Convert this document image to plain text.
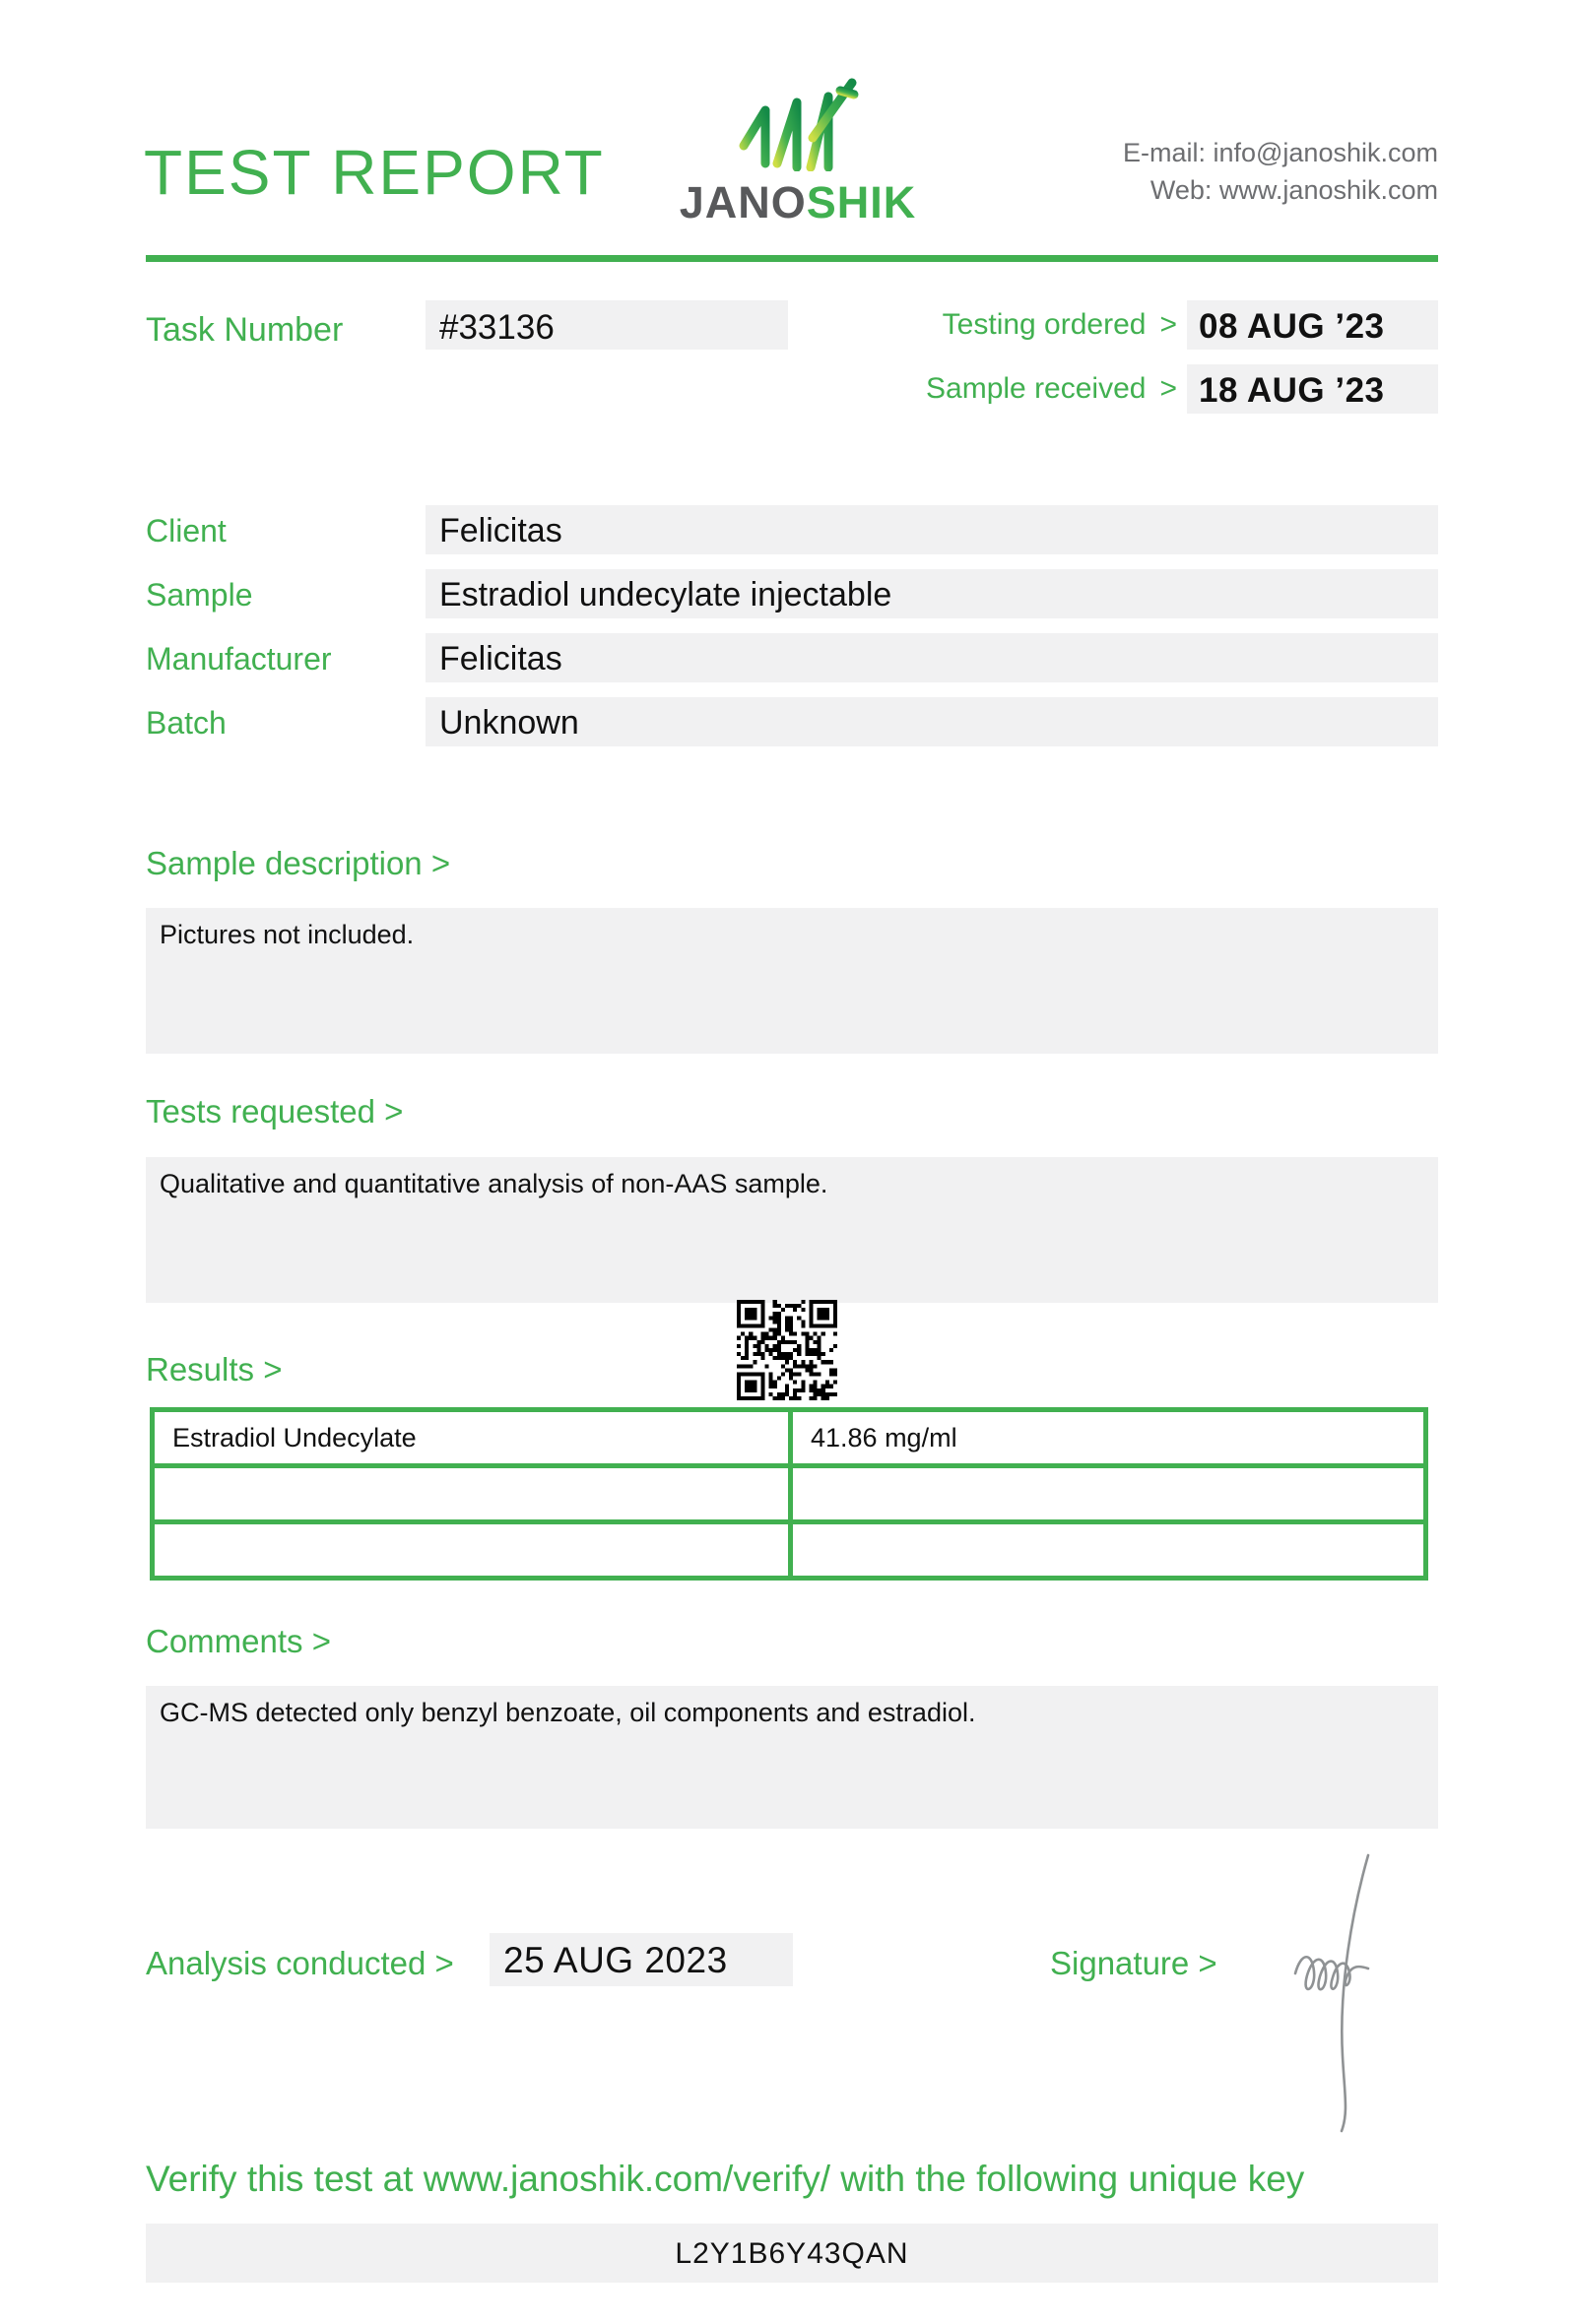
TEST REPORT	JANOSHIK
E-mail: info@janoshik.com
Web: www.janoshik.com
Task Number	#33136	Testing ordered > 08 AUG ’23
Sample received > 18 AUG ’23
Client	Felicitas
Sample	Estradiol undecylate injectable
Manufacturer	Felicitas
Batch	Unknown
Sample description >
Pictures not included.
Tests requested >
Qualitative and quantitative analysis of non-AAS sample.
Results >
Estradiol Undecylate	41.86 mg/ml

Comments >
GC-MS detected only benzyl benzoate, oil components and estradiol.
Analysis conducted >	25 AUG 2023	Signature >
Verify this test at www.janoshik.com/verify/ with the following unique key
L2Y1B6Y43QAN
